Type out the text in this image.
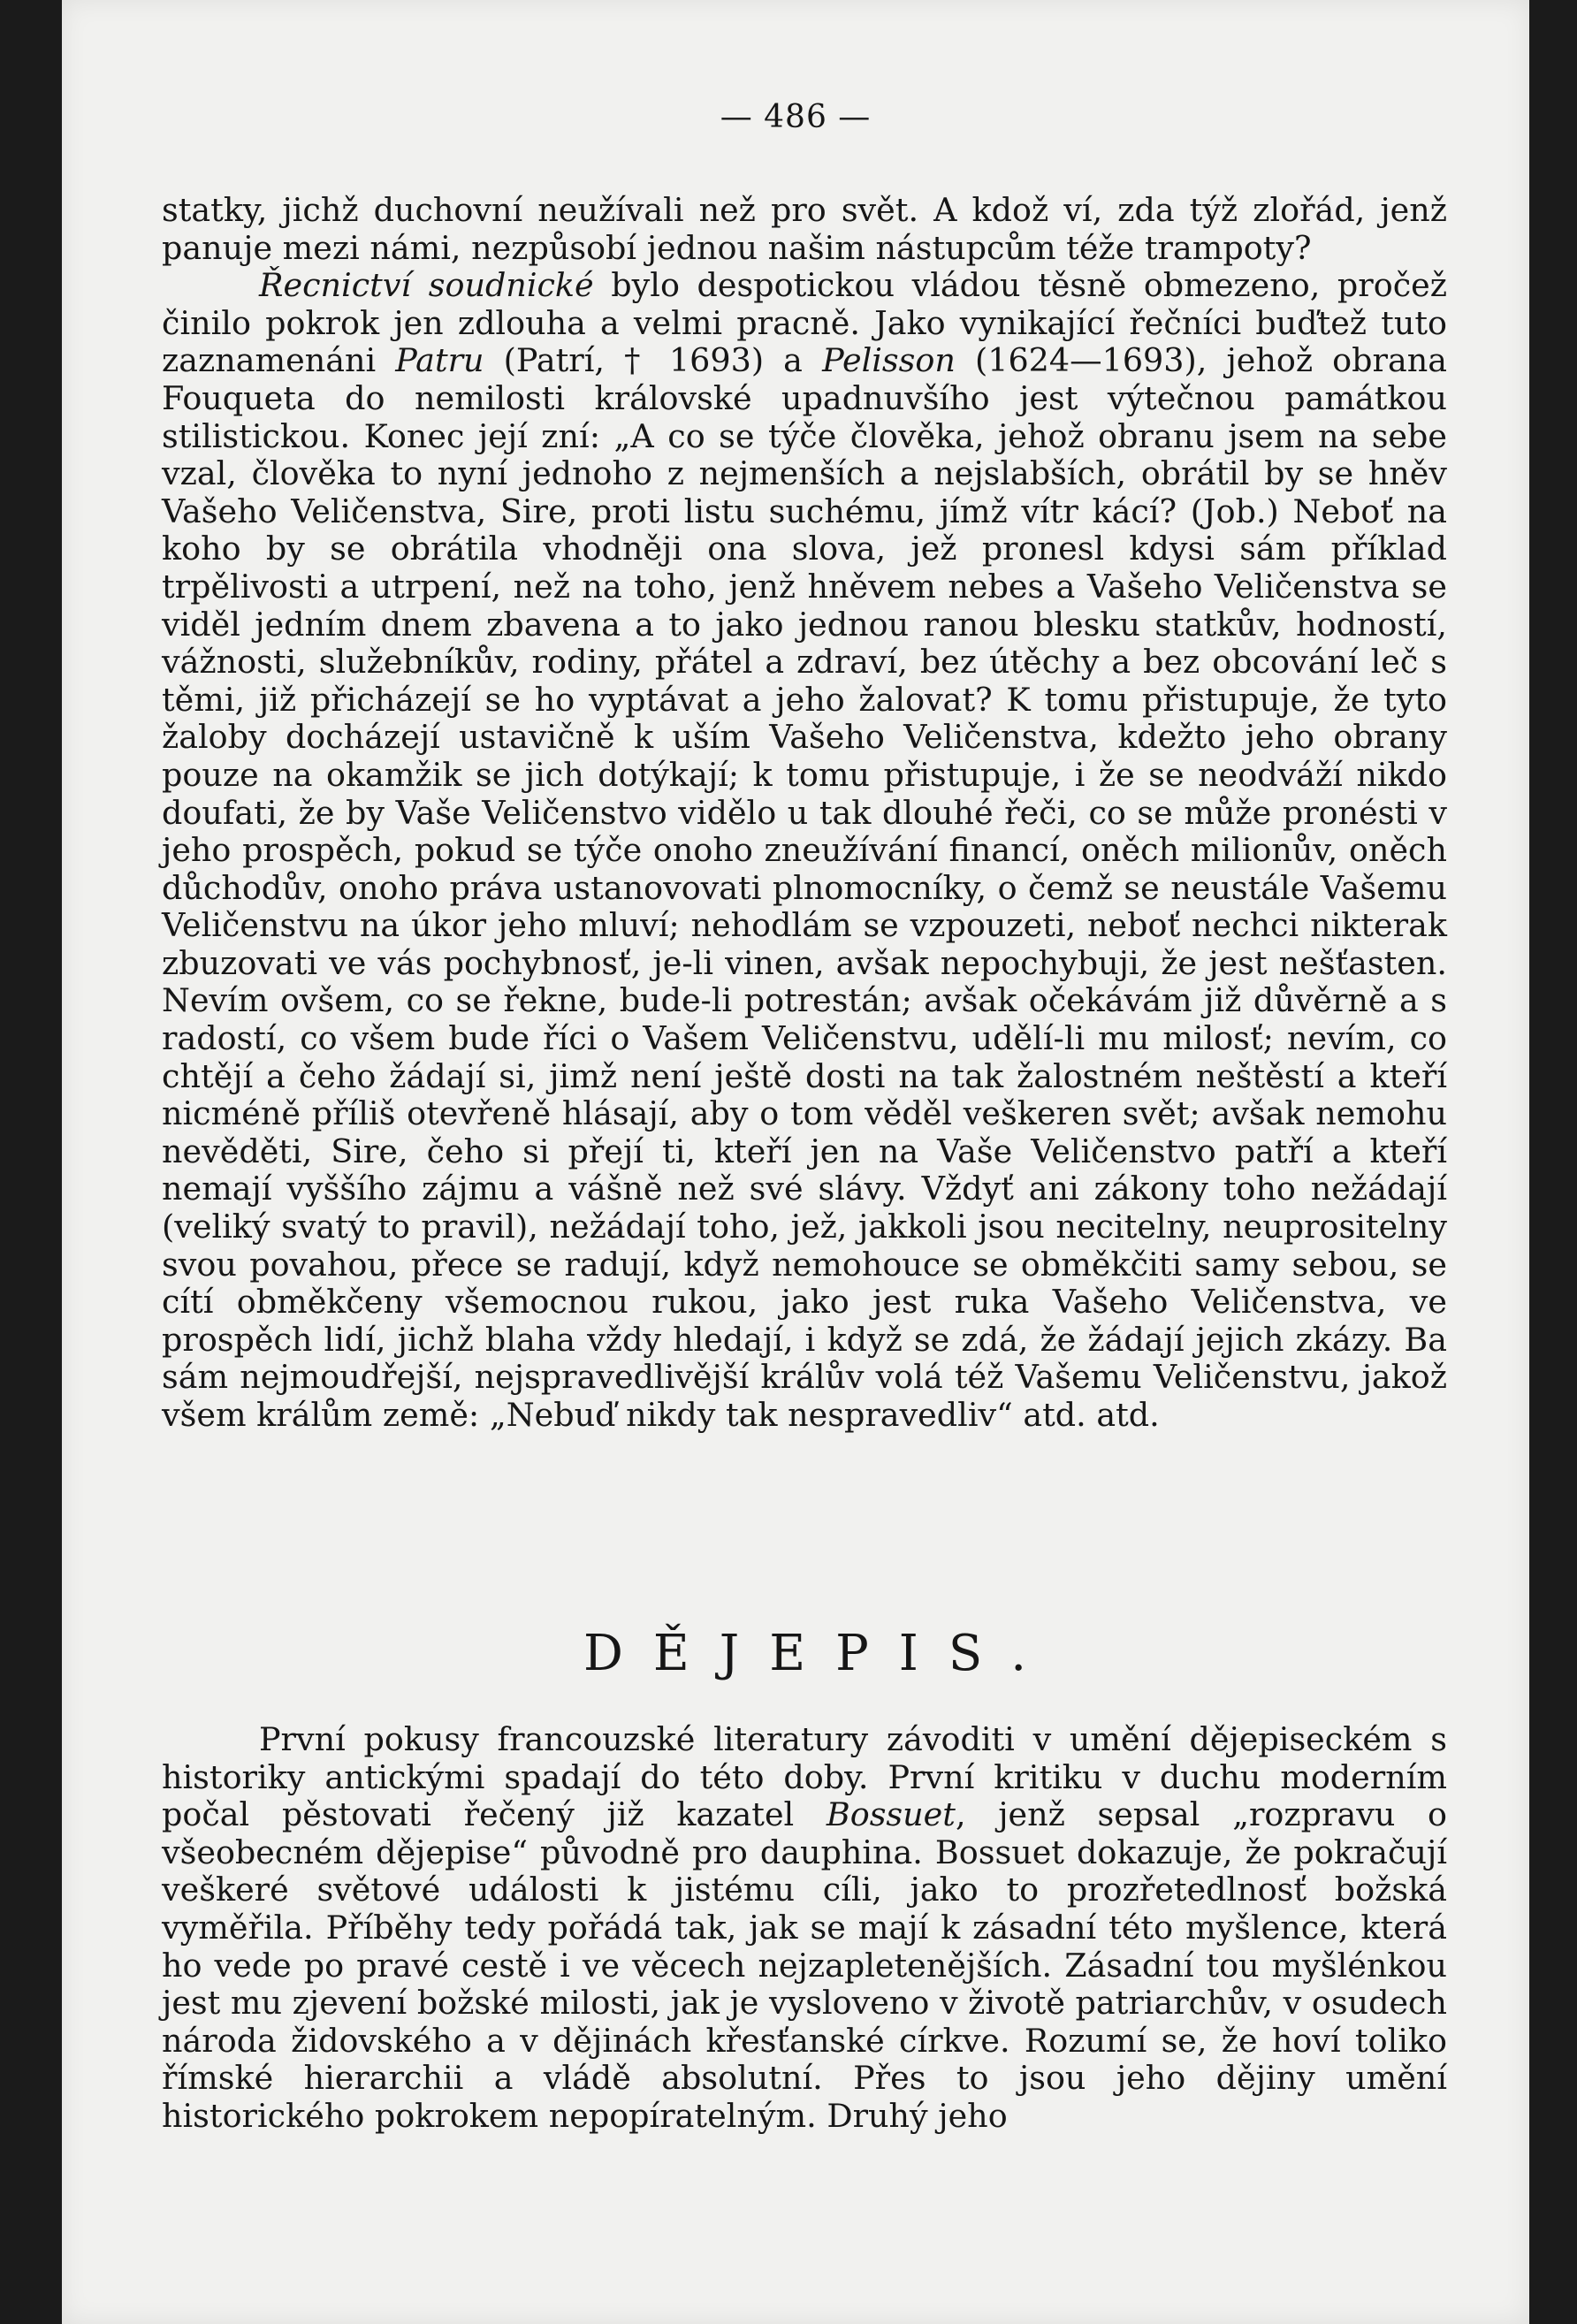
— 486 —

statky, jichž duchovní neužívali než pro svět. A kdož ví, zda týž zlořád, jenž panuje mezi námi, nezpůsobí jednou našim nástupcům téže trampoty?
Řecnictví soudnické bylo despotickou vládou těsně obmezeno, pročež činilo pokrok jen zdlouha a velmi pracně. Jako vynikající řečníci buďtež tuto zaznamenáni Patru (Patrí, † 1693) a Pelisson (1624—1693), jehož obrana Fouqueta do nemilosti královské upadnuvšího jest výtečnou památkou stilistickou. Konec její zní: „A co se týče člověka, jehož obranu jsem na sebe vzal, člověka to nyní jednoho z nejmenších a nejslabších, obrátil by se hněv Vašeho Veličenstva, Sire, proti listu suchému, jímž vítr kácí? (Job.) Neboť na koho by se obrátila vhodněji ona slova, jež pronesl kdysi sám příklad trpělivosti a utrpení, než na toho, jenž hněvem nebes a Vašeho Veličenstva se viděl jedním dnem zbavena a to jako jednou ranou blesku statkův, hodností, vážnosti, služebníkův, rodiny, přátel a zdraví, bez útěchy a bez obcování leč s těmi, již přicházejí se ho vyptávat a jeho žalovat? K tomu přistupuje, že tyto žaloby docházejí ustavičně k uším Vašeho Veličenstva, kdežto jeho obrany pouze na okamžik se jich dotýkají; k tomu přistupuje, i že se neodváží nikdo doufati, že by Vaše Veličenstvo vidělo u tak dlouhé řeči, co se může pronésti v jeho prospěch, pokud se týče onoho zneužívání financí, oněch milionův, oněch důchodův, onoho práva ustanovovati plnomocníky, o čemž se neustále Vašemu Veličenstvu na úkor jeho mluví; nehodlám se vzpouzeti, neboť nechci nikterak zbuzovati ve vás pochybnosť, je-li vinen, avšak nepochybuji, že jest nešťasten. Nevím ovšem, co se řekne, bude-li potrestán; avšak očekávám již důvěrně a s radostí, co všem bude říci o Vašem Veličenstvu, udělí-li mu milosť; nevím, co chtějí a čeho žádají si, jimž není ještě dosti na tak žalostném neštěstí a kteří nicméně příliš otevřeně hlásají, aby o tom věděl veškeren svět; avšak nemohu nevěděti, Sire, čeho si přejí ti, kteří jen na Vaše Veličenstvo patří a kteří nemají vyššího zájmu a vášně než své slávy. Vždyť ani zákony toho nežádají (veliký svatý to pravil), nežádají toho, jež, jakkoli jsou necitelny, neuprositelny svou povahou, přece se radují, když nemohouce se obměkčiti samy sebou, se cítí obměkčeny všemocnou rukou, jako jest ruka Vašeho Veličenstva, ve prospěch lidí, jichž blaha vždy hledají, i když se zdá, že žádají jejich zkázy. Ba sám nejmoudřejší, nejspravedlivější králův volá též Vašemu Veličenstvu, jakož všem králům země: „Nebuď nikdy tak nespravedliv“ atd. atd.

DĚJEPIS.

První pokusy francouzské literatury závoditi v umění dějepiseckém s historiky antickými spadají do této doby. První kritiku v duchu moderním počal pěstovati řečený již kazatel Bossuet, jenž sepsal „rozpravu o všeobecném dějepise“ původně pro dauphina. Bossuet dokazuje, že pokračují veškeré světové události k jistému cíli, jako to prozřetedlnosť božská vyměřila. Příběhy tedy pořádá tak, jak se mají k zásadní této myšlence, která ho vede po pravé cestě i ve věcech nejzapletenějších. Zásadní tou myšlénkou jest mu zjevení božské milosti, jak je vysloveno v životě patriarchův, v osudech národa židovského a v dějinách křesťanské církve. Rozumí se, že hoví toliko římské hierarchii a vládě absolutní. Přes to jsou jeho dějiny umění historického pokrokem nepopíratelným. Druhý jeho
